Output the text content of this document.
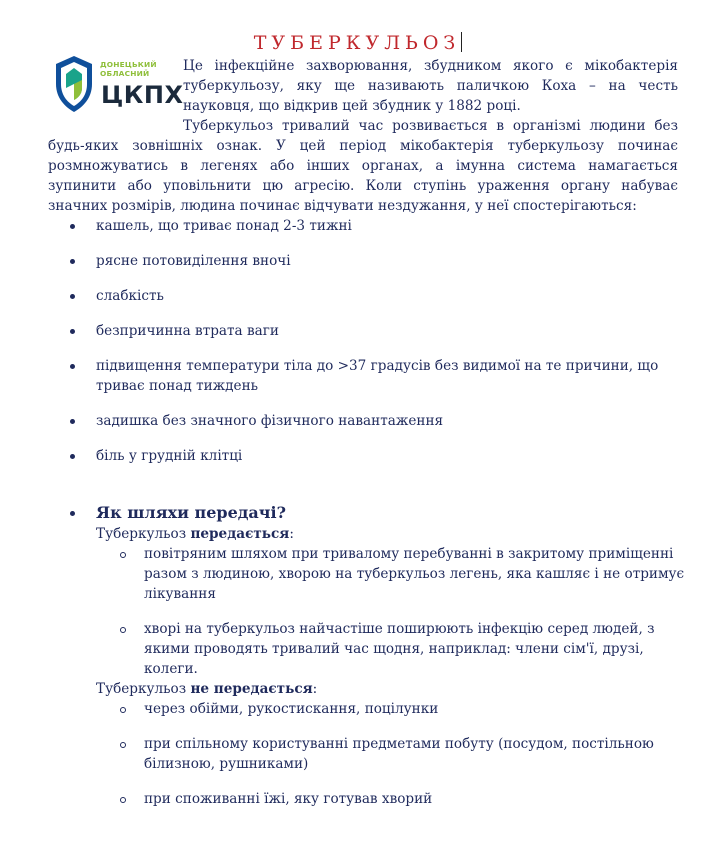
ТУБЕРКУЛЬОЗ
ДОНЕЦЬКИЙ
ОБЛАСНИЙ
ЦКПХ

Це інфекційне захворювання, збудником якого є мікобактерія туберкульозу, яку ще називають паличкою Коха – на честь науковця, що відкрив цей збудник у 1882 році.

Туберкульоз тривалий час розвивається в організмі людини без будь-яких зовнішніх ознак. У цей період мікобактерія туберкульозу починає розмножуватись в легенях або інших органах, а імунна система намагається зупинити або уповільнити цю агресію. Коли ступінь ураження органу набуває значних розмірів, людина починає відчувати нездужання, у неї спостерігаються:

кашель, що триває понад 2-3 тижні
рясне потовиділення вночі
слабкість
безпричинна втрата ваги
підвищення температури тіла до >37 градусів без видимої на те причини, що триває понад тиждень
задишка без значного фізичного навантаження
біль у грудній клітці
Як шляхи передачі?
Туберкульоз передається:
повітряним шляхом при тривалому перебуванні в закритому приміщенні разом з людиною, хворою на туберкульоз легень, яка кашляє і не отримує лікування
хворі на туберкульоз найчастіше поширюють інфекцію серед людей, з якими проводять тривалий час щодня, наприклад: члени сім'ї, друзі, колеги.
Туберкульоз не передається:
через обійми, рукостискання, поцілунки
при спільному користуванні предметами побуту (посудом, постільною білизною, рушниками)
при споживанні їжі, яку готував хворий
